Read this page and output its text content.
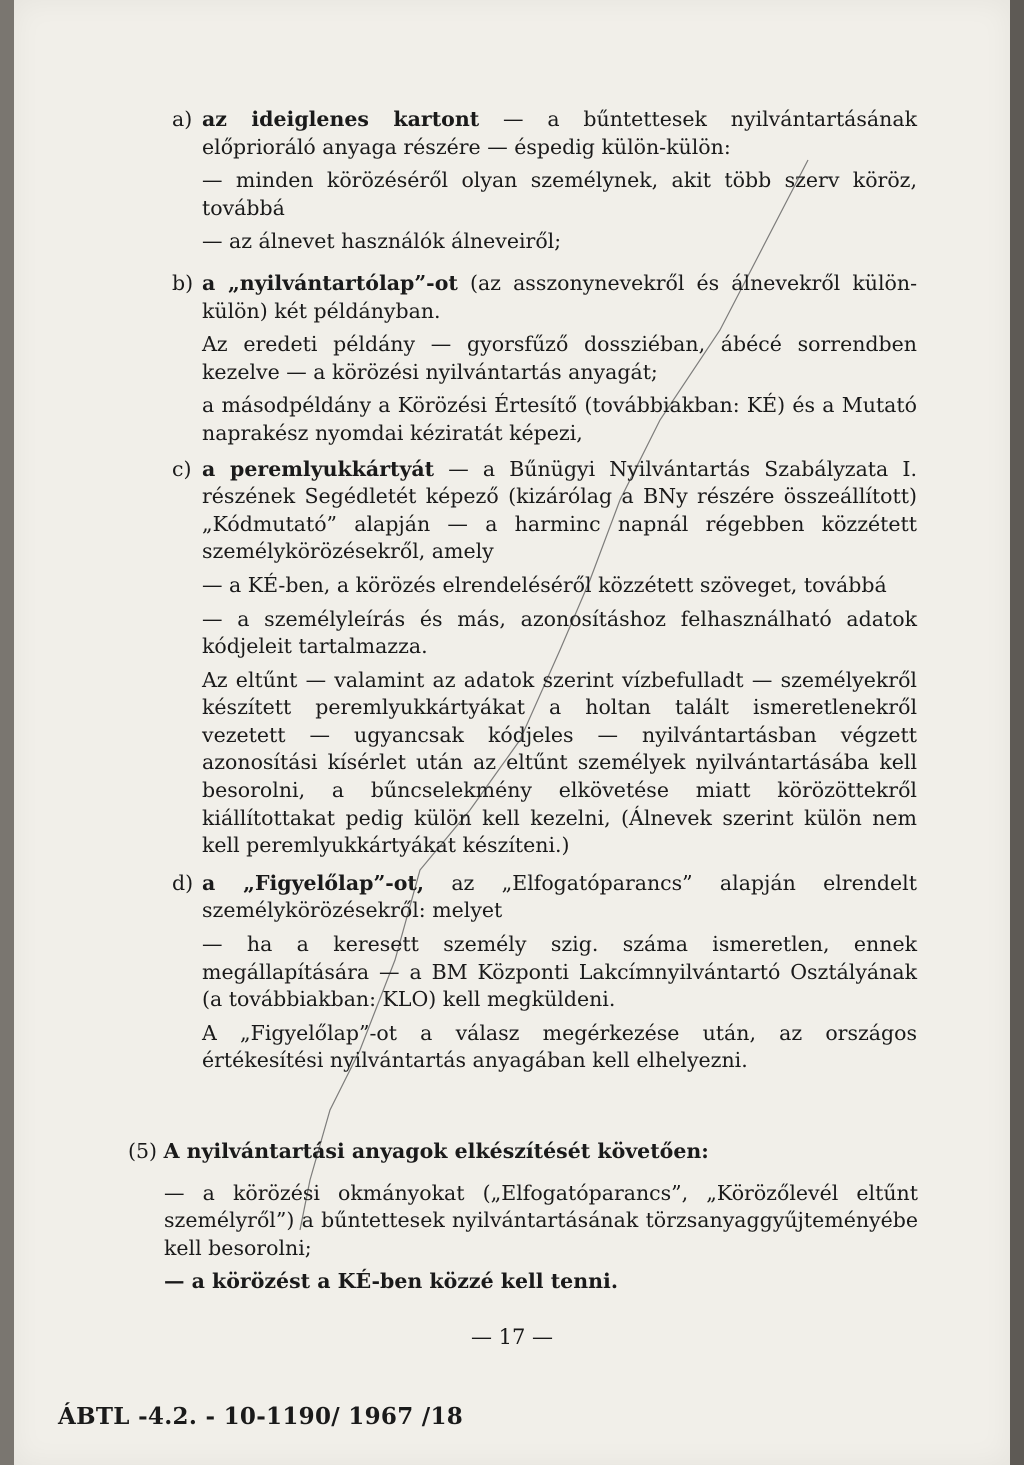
a) az ideiglenes kartont — a bűntettesek nyilvántartásának előprioráló anyaga részére — éspedig külön-külön:

— minden körözéséről olyan személynek, akit több szerv köröz, továbbá

— az álnevet használók álneveiről;

b) a „nyilvántartólap”-ot (az asszonynevekről és álnevekről külön-külön) két példányban.

Az eredeti példány — gyorsfűző dossziéban, ábécé sorrendben kezelve — a körözési nyilvántartás anyagát;

a másodpéldány a Körözési Értesítő (továbbiakban: KÉ) és a Mutató naprakész nyomdai kéziratát képezi,

c) a peremlyukkártyát — a Bűnügyi Nyilvántartás Szabályzata I. részének Segédletét képező (kizárólag a BNy részére összeállított) „Kódmutató” alapján — a harminc napnál régebben közzétett személykörözésekről, amely

— a KÉ-ben, a körözés elrendeléséről közzétett szöveget, továbbá

— a személyleírás és más, azonosításhoz felhasználható adatok kódjeleit tartalmazza.

Az eltűnt — valamint az adatok szerint vízbefulladt — személyekről készített peremlyukkártyákat a holtan talált ismeretlenekről vezetett — ugyancsak kódjeles — nyilvántartásban végzett azonosítási kísérlet után az eltűnt személyek nyilvántartásába kell besorolni, a bűncselekmény elkövetése miatt körözöttekről kiállítottakat pedig külön kell kezelni, (Álnevek szerint külön nem kell peremlyukkártyákat készíteni.)

d) a „Figyelőlap”-ot, az „Elfogatóparancs” alapján elrendelt személykörözésekről: melyet

— ha a keresett személy szig. száma ismeretlen, ennek megállapítására — a BM Központi Lakcímnyilvántartó Osztályának (a továbbiakban: KLO) kell megküldeni.

A „Figyelőlap”-ot a válasz megérkezése után, az országos értékesítési nyilvántartás anyagában kell elhelyezni.

(5) A nyilvántartási anyagok elkészítését követően:

— a körözési okmányokat („Elfogatóparancs”, „Körözőlevél eltűnt személyről”) a bűntettesek nyilvántartásának törzsanyaggyűjteményébe kell besorolni;

— a körözést a KÉ-ben közzé kell tenni.

— 17 —
ÁBTL -4.2. - 10-1190/ 1967 /18
